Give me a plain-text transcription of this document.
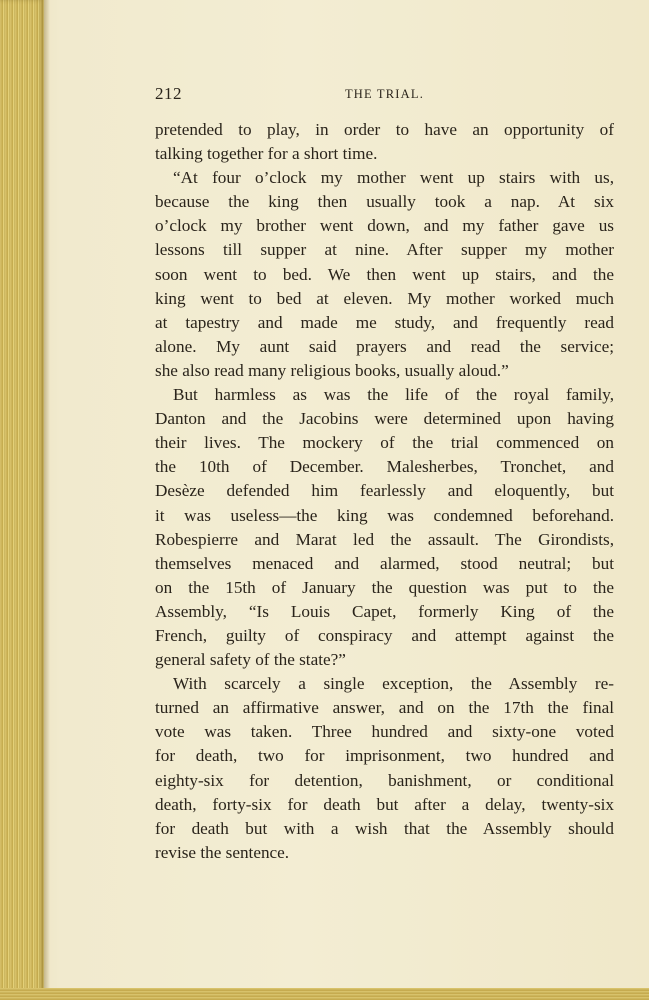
212	THE TRIAL.
pretended to play, in order to have an opportunity of
talking together for a short time.
“At four o’clock my mother went up stairs with us,
because the king then usually took a nap. At six
o’clock my brother went down, and my father gave us
lessons till supper at nine. After supper my mother
soon went to bed. We then went up stairs, and the
king went to bed at eleven. My mother worked much
at tapestry and made me study, and frequently read
alone. My aunt said prayers and read the service;
she also read many religious books, usually aloud.”
But harmless as was the life of the royal family,
Danton and the Jacobins were determined upon having
their lives. The mockery of the trial commenced on
the 10th of December. Malesherbes, Tronchet, and
Desèze defended him fearlessly and eloquently, but
it was useless—the king was condemned beforehand.
Robespierre and Marat led the assault. The Girondists,
themselves menaced and alarmed, stood neutral; but
on the 15th of January the question was put to the
Assembly, “Is Louis Capet, formerly King of the
French, guilty of conspiracy and attempt against the
general safety of the state?”
With scarcely a single exception, the Assembly re-
turned an affirmative answer, and on the 17th the final
vote was taken. Three hundred and sixty-one voted
for death, two for imprisonment, two hundred and
eighty-six for detention, banishment, or conditional
death, forty-six for death but after a delay, twenty-six
for death but with a wish that the Assembly should
revise the sentence.
